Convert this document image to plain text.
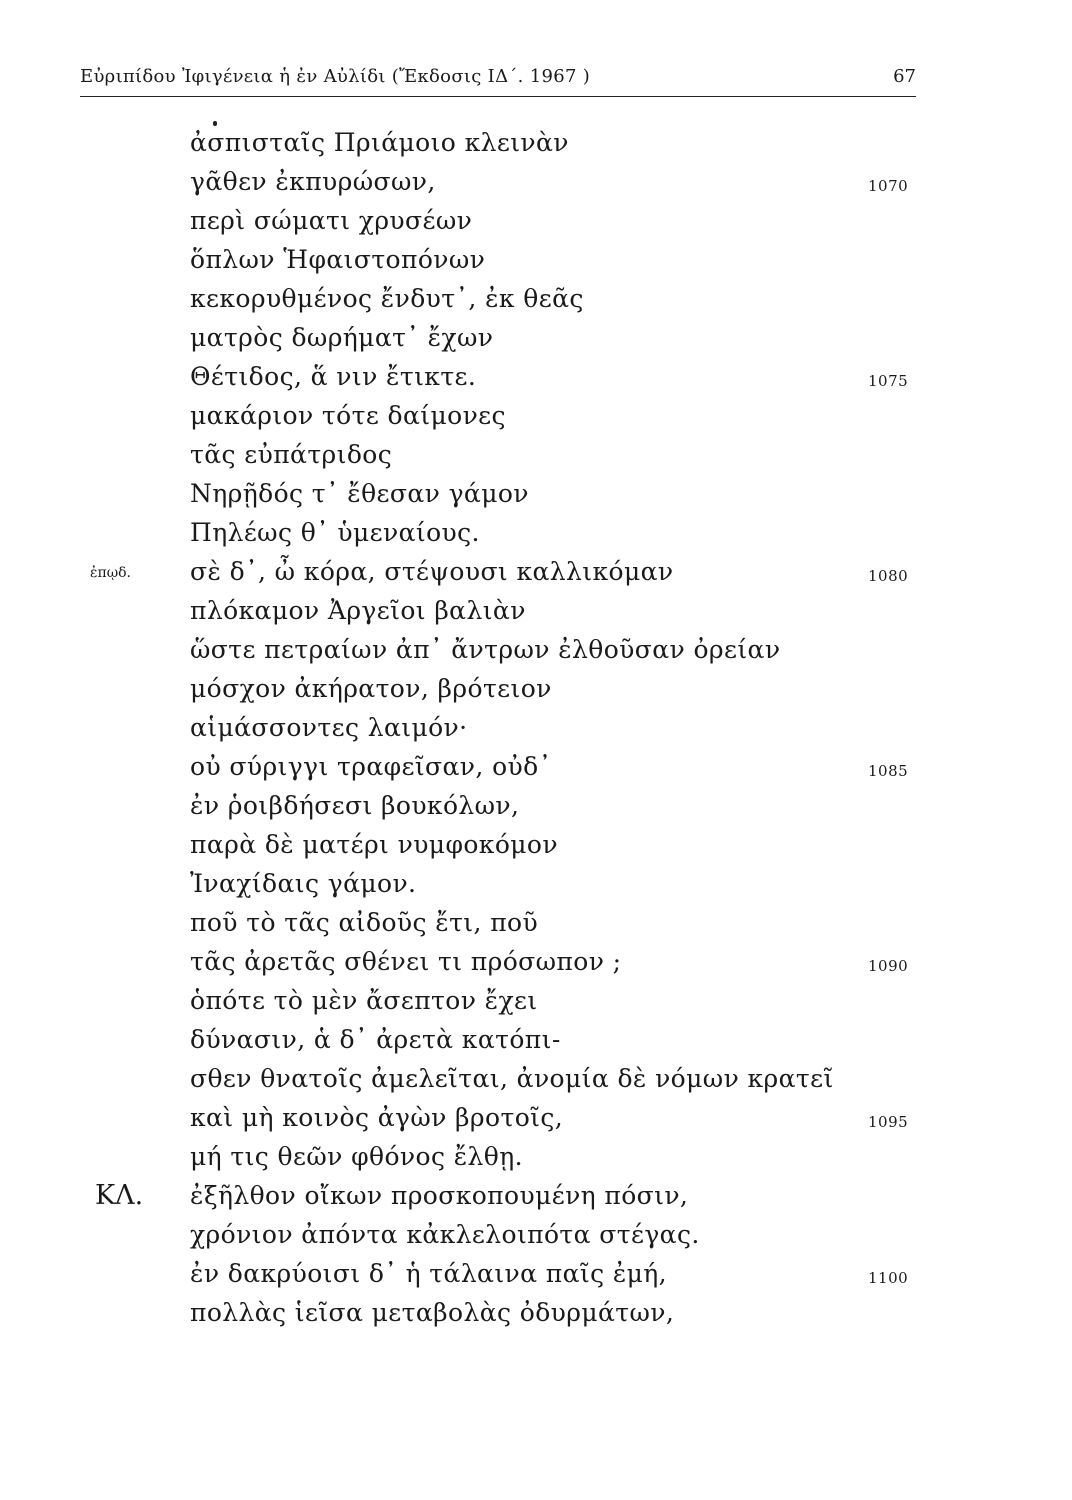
Εὐριπίδου Ἰφιγένεια ἡ ἐν Αὐλίδι (Ἔκδοσις ΙΔ΄. 1967 )	67
ἀσπισταῖς Πριάμοιο κλεινὰν
γᾶθεν ἐκπυρώσων,
περὶ σώματι χρυσέων
ὅπλων Ἡφαιστοπόνων
κεκορυθμένος ἔνδυτ᾽, ἐκ θεᾶς
ματρὸς δωρήματ᾽ ἔχων
Θέτιδος, ἅ νιν ἔτικτε.
μακάριον τότε δαίμονες
τᾶς εὐπάτριδος
Νηρῇδός τ᾽ ἔθεσαν γάμον
Πηλέως θ᾽ ὑμεναίους.
σὲ δ᾽, ὦ κόρα, στέψουσι καλλικόμαν
πλόκαμον Ἀργεῖοι βαλιὰν
ὥστε πετραίων ἀπ᾽ ἄντρων ἐλθοῦσαν ὀρείαν
μόσχον ἀκήρατον, βρότειον
αἱμάσσοντες λαιμόν·
οὐ σύριγγι τραφεῖσαν, οὐδ᾽
ἐν ῥοιβδήσεσι βουκόλων,
παρὰ δὲ ματέρι νυμφοκόμον
Ἰναχίδαις γάμον.
ποῦ τὸ τᾶς αἰδοῦς ἔτι, ποῦ
τᾶς ἀρετᾶς σθένει τι πρόσωπον ;
ὁπότε τὸ μὲν ἄσεπτον ἔχει
δύνασιν, ἁ δ᾽ ἀρετὰ κατόπι-
σθεν θνατοῖς ἀμελεῖται, ἀνομία δὲ νόμων κρατεῖ
καὶ μὴ κοινὸς ἀγὼν βροτοῖς,
μή τις θεῶν φθόνος ἔλθῃ.
ἐξῆλθον οἴκων προσκοπουμένη πόσιν,
χρόνιον ἀπόντα κἀκλελοιπότα στέγας.
ἐν δακρύοισι δ᾽ ἡ τάλαινα παῖς ἐμή,
πολλὰς ἱεῖσα μεταβολὰς ὀδυρμάτων,
1070
1075
1080
1085
1090
1095
1100
ἐπῳδ.
ΚΛ.
